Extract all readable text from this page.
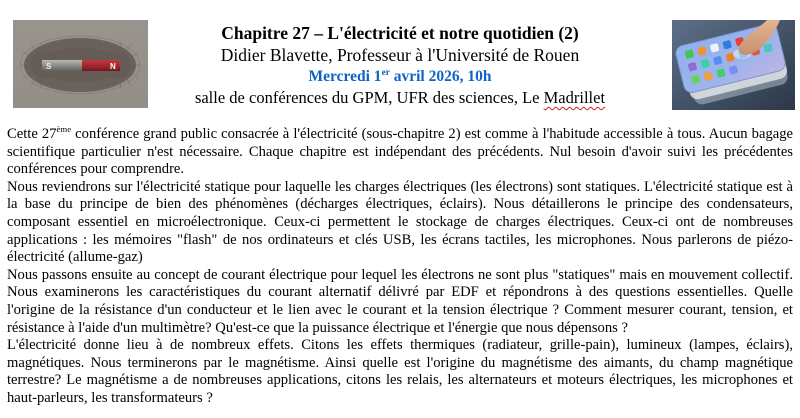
S	N
Chapitre 27 – L'électricité et notre quotidien (2)
Didier Blavette, Professeur à l'Université de Rouen
Mercredi 1er avril 2026, 10h
salle de conférences du GPM, UFR des sciences, Le Madrillet

Cette 27ème conférence grand public consacrée à l'électricité (sous-chapitre 2) est comme à l'habitude accessible à tous. Aucun bagage scientifique particulier n'est nécessaire. Chaque chapitre est indépendant des précédents. Nul besoin d'avoir suivi les précédentes conférences pour comprendre.

Nous reviendrons sur l'électricité statique pour laquelle les charges électriques (les électrons) sont statiques. L'électricité statique est à la base du principe de bien des phénomènes (décharges électriques, éclairs). Nous détaillerons le principe des condensateurs, composant essentiel en microélectronique. Ceux-ci permettent le stockage de charges électriques. Ceux-ci ont de nombreuses applications : les mémoires "flash" de nos ordinateurs et clés USB, les écrans tactiles, les microphones. Nous parlerons de piézo-électricité (allume-gaz)

Nous passons ensuite au concept de courant électrique pour lequel les électrons ne sont plus "statiques" mais en mouvement collectif. Nous examinerons les caractéristiques du courant alternatif délivré par EDF et répondrons à des questions essentielles. Quelle l'origine de la résistance d'un conducteur et le lien avec le courant et la tension électrique ? Comment mesurer courant, tension, et résistance à l'aide d'un multimètre? Qu'est-ce que la puissance électrique et l'énergie que nous dépensons ?

L'électricité donne lieu à de nombreux effets. Citons les effets thermiques (radiateur, grille-pain), lumineux (lampes, éclairs), magnétiques. Nous terminerons par le magnétisme. Ainsi quelle est l'origine du magnétisme des aimants, du champ magnétique terrestre? Le magnétisme a de nombreuses applications, citons les relais, les alternateurs et moteurs électriques, les microphones et haut-parleurs, les transformateurs ?
